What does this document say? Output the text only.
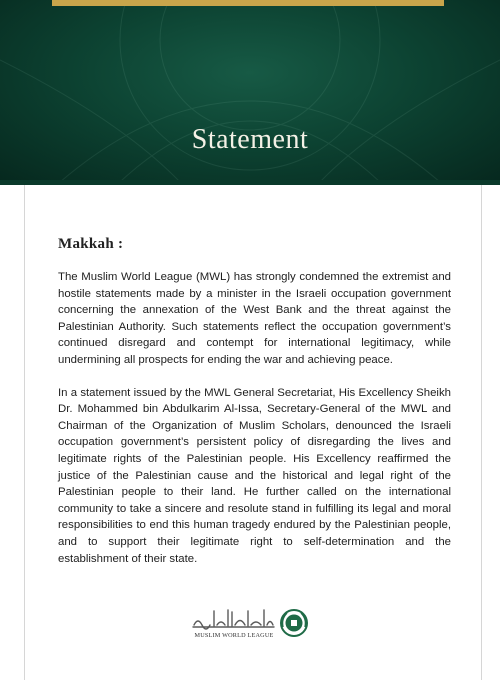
Statement
Makkah :

The Muslim World League (MWL) has strongly condemned the extremist and hostile statements made by a minister in the Israeli occupation government concerning the annexation of the West Bank and the threat against the Palestinian Authority. Such statements reflect the occupation government’s continued disregard and contempt for international legitimacy, while undermining all prospects for ending the war and achieving peace.

In a statement issued by the MWL General Secretariat, His Excellency Sheikh Dr. Mohammed bin Abdulkarim Al-Issa, Secretary-General of the MWL and Chairman of the Organization of Muslim Scholars, denounced the Israeli occupation government’s persistent policy of disregarding the lives and legitimate rights of the Palestinian people. His Excellency reaffirmed the justice of the Palestinian cause and the historical and legal right of the Palestinian people to their land. He further called on the international community to take a sincere and resolute stand in fulfilling its legal and moral responsibilities to end this human tragedy endured by the Palestinian people, and to support their legitimate right to self-determination and the establishment of their state.

MUSLIM WORLD LEAGUE
